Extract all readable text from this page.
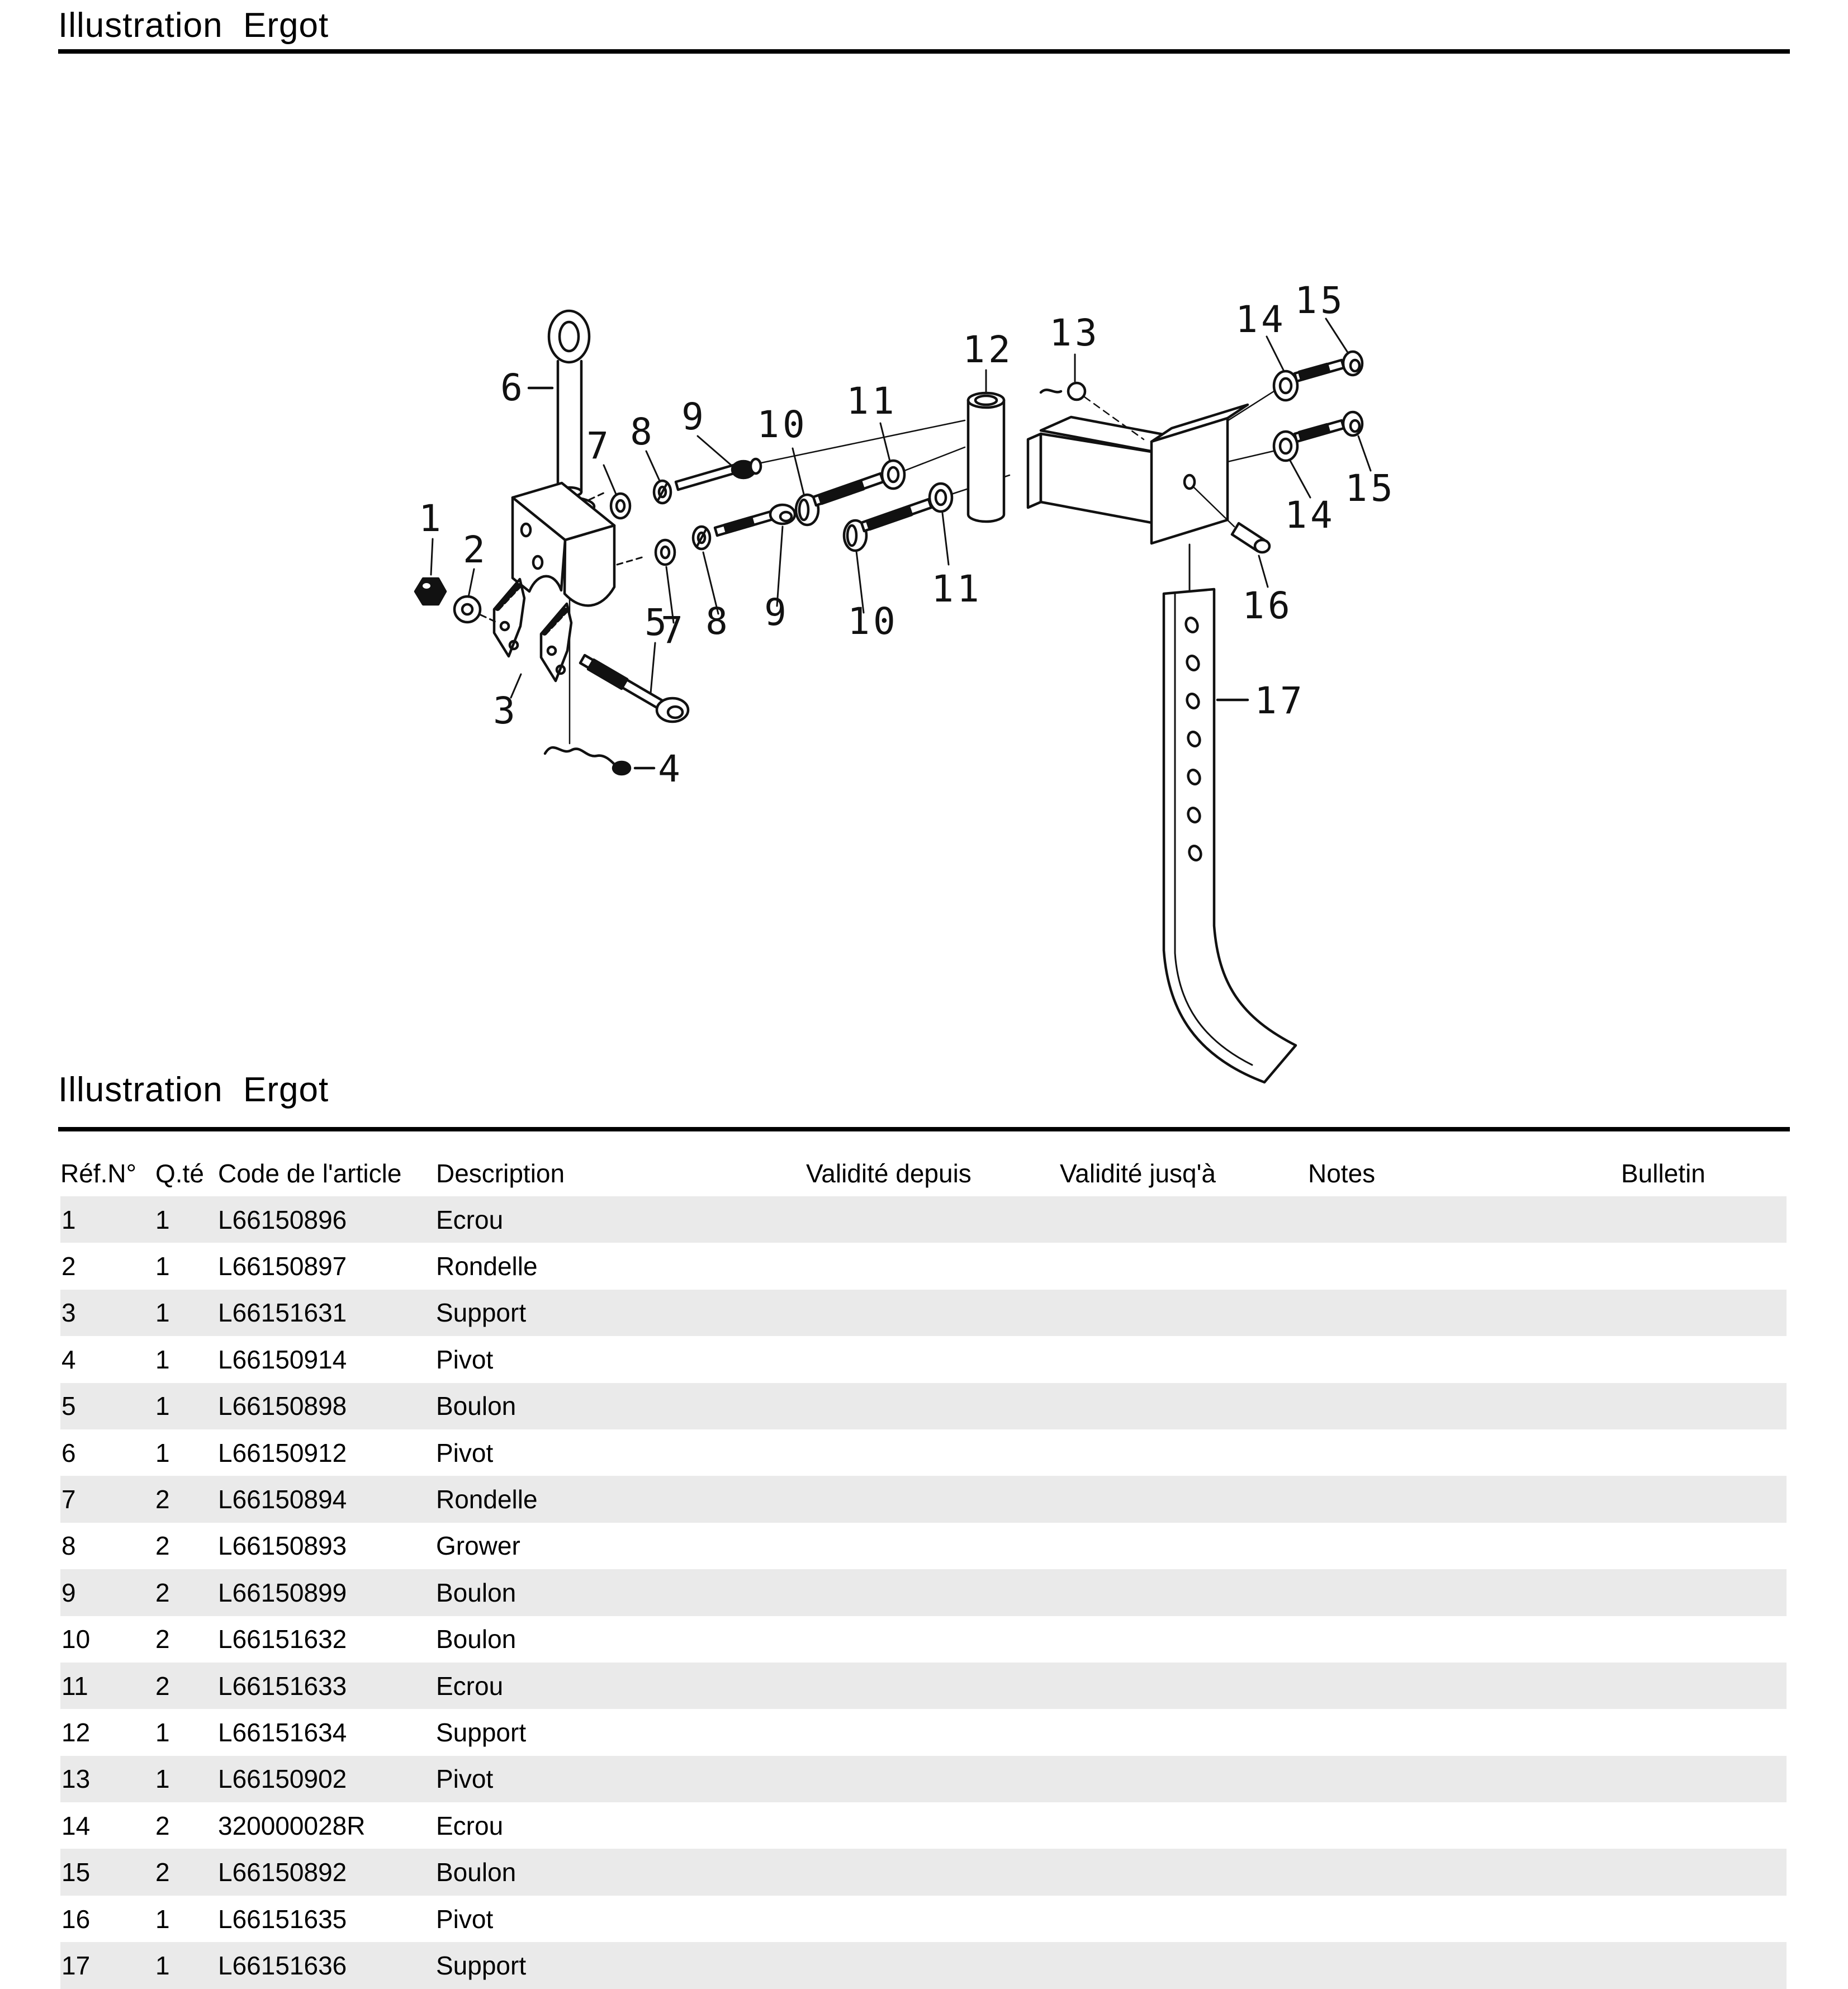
Illustration  Ergot
1
2
3
4
5
6
7 8 9
7 8 9
10
11
10
11
12 13	14 15
14
15
16
17
Illustration  Ergot
Réf.N° Q.té Code de l'article Description	Validité depuis	Validité jusq'à	Notes	Bulletin
1	1 L66150896	Ecrou
2	1 L66150897	Rondelle
3	1 L66151631	Support
4	1 L66150914	Pivot
5	1 L66150898	Boulon
6	1 L66150912	Pivot
7	2 L66150894	Rondelle
8	2 L66150893	Grower
9	2 L66150899	Boulon
10	2 L66151632	Boulon
11	2 L66151633	Ecrou
12	1 L66151634	Support
13	1 L66150902	Pivot
14	2 320000028R	Ecrou
15	2 L66150892	Boulon
16	1 L66151635	Pivot
17	1 L66151636	Support
